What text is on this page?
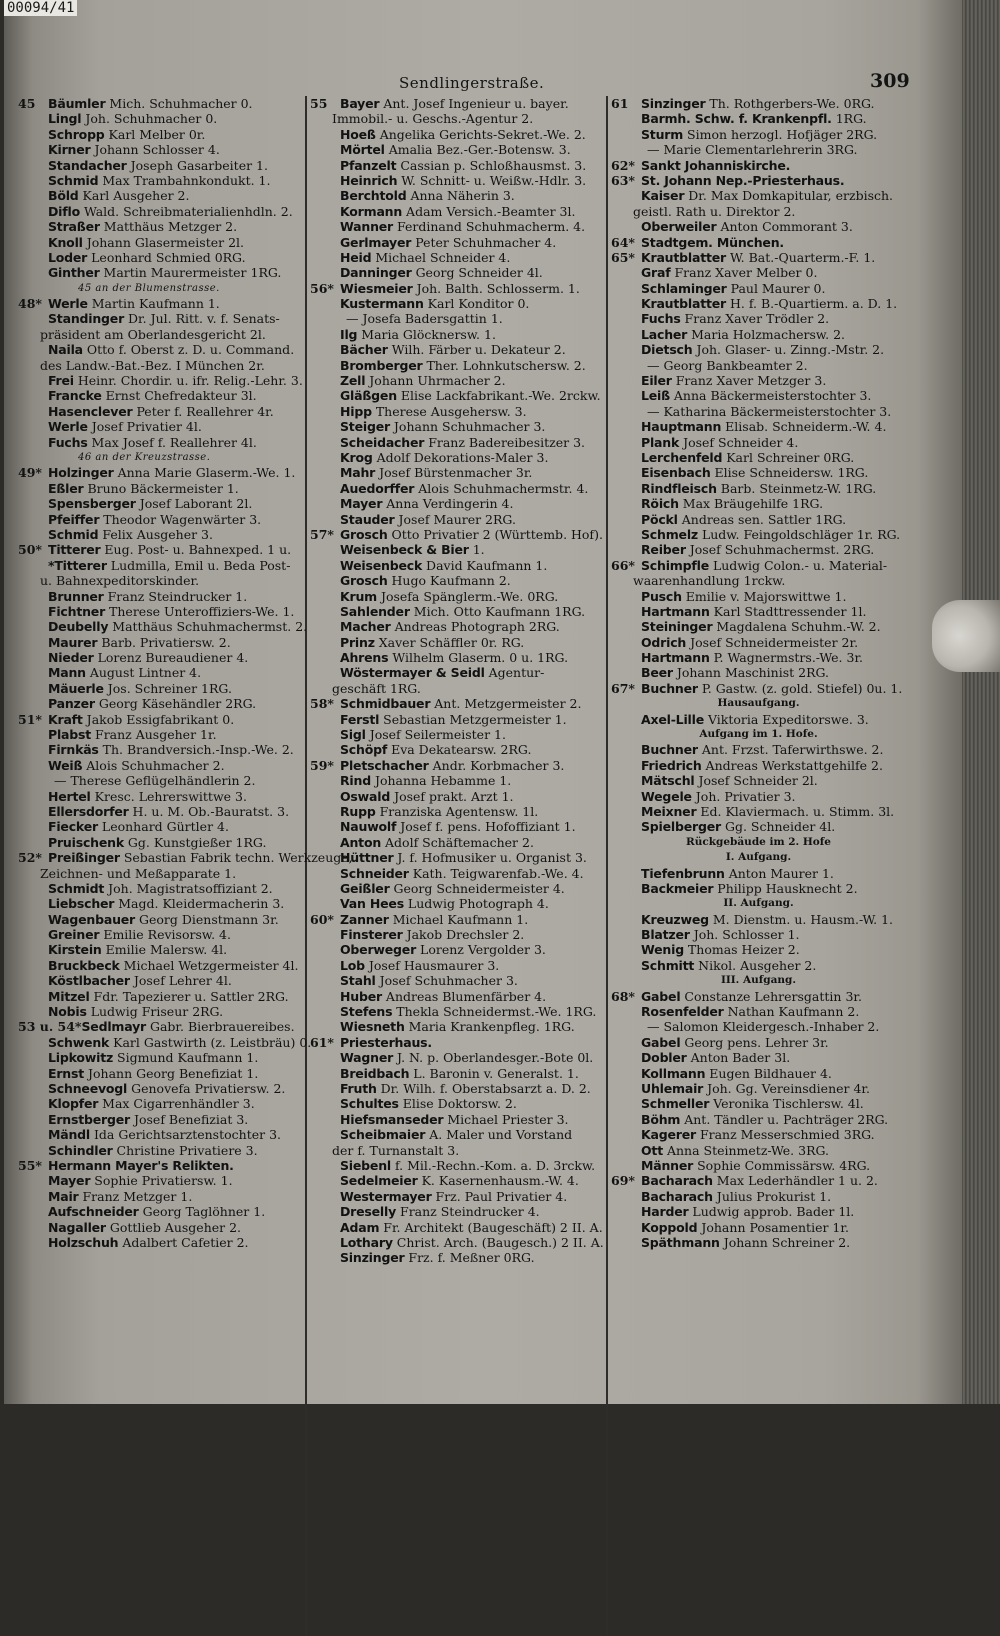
00094/41
Sendlingerstraße.	309
45 Bäumler Mich. Schuhmacher 0.
Lingl Joh. Schuhmacher 0.
Schropp Karl Melber 0r.
Kirner Johann Schlosser 4.
Standacher Joseph Gasarbeiter 1.
Schmid Max Trambahnkondukt. 1.
Böld Karl Ausgeher 2.
Diflo Wald. Schreibmaterialienhdln. 2.
Straßer Matthäus Metzger 2.
Knoll Johann Glasermeister 2l.
Loder Leonhard Schmied 0RG.
Ginther Martin Maurermeister 1RG.
45 an der Blumenstrasse.
48* Werle Martin Kaufmann 1.
Standinger Dr. Jul. Ritt. v. f. Senats-
präsident am Oberlandesgericht 2l.
Naila Otto f. Oberst z. D. u. Command.
des Landw.-Bat.-Bez. I München 2r.
Frei Heinr. Chordir. u. ifr. Relig.-Lehr. 3.
Francke Ernst Chefredakteur 3l.
Hasenclever Peter f. Reallehrer 4r.
Werle Josef Privatier 4l.
Fuchs Max Josef f. Reallehrer 4l.
46 an der Kreuzstrasse.
49* Holzinger Anna Marie Glaserm.-We. 1.
Eßler Bruno Bäckermeister 1.
Spensberger Josef Laborant 2l.
Pfeiffer Theodor Wagenwärter 3.
Schmid Felix Ausgeher 3.
50* Titterer Eug. Post- u. Bahnexped. 1 u.
*Titterer Ludmilla, Emil u. Beda Post-
u. Bahnexpeditorskinder.
Brunner Franz Steindrucker 1.
Fichtner Therese Unteroffiziers-We. 1.
Deubelly Matthäus Schuhmachermst. 2.
Maurer Barb. Privatiersw. 2.
Nieder Lorenz Bureaudiener 4.
Mann August Lintner 4.
Mäuerle Jos. Schreiner 1RG.
Panzer Georg Käsehändler 2RG.
51* Kraft Jakob Essigfabrikant 0.
Plabst Franz Ausgeher 1r.
Firnkäs Th. Brandversich.-Insp.-We. 2.
Weiß Alois Schuhmacher 2.
— Therese Geflügelhändlerin 2.
Hertel Kresc. Lehrerswittwe 3.
Ellersdorfer H. u. M. Ob.-Bauratst. 3.
Fiecker Leonhard Gürtler 4.
Pruischenk Gg. Kunstgießer 1RG.
52* Preißinger Sebastian Fabrik techn. Werkzeuge,
Zeichnen- und Meßapparate 1.
Schmidt Joh. Magistratsoffiziant 2.
Liebscher Magd. Kleidermacherin 3.
Wagenbauer Georg Dienstmann 3r.
Greiner Emilie Revisorsw. 4.
Kirstein Emilie Malersw. 4l.
Bruckbeck Michael Wetzgermeister 4l.
Köstlbacher Josef Lehrer 4l.
Mitzel Fdr. Tapezierer u. Sattler 2RG.
Nobis Ludwig Friseur 2RG.
53 u. 54*Sedlmayr Gabr. Bierbrauereibes.
Schwenk Karl Gastwirth (z. Leistbräu) 0.
Lipkowitz Sigmund Kaufmann 1.
Ernst Johann Georg Benefiziat 1.
Schneevogl Genovefa Privatiersw. 2.
Klopfer Max Cigarrenhändler 3.
Ernstberger Josef Benefiziat 3.
Mändl Ida Gerichtsarztenstochter 3.
Schindler Christine Privatiere 3.
55* Hermann Mayer's Relikten.
Mayer Sophie Privatiersw. 1.
Mair Franz Metzger 1.
Aufschneider Georg Taglöhner 1.
Nagaller Gottlieb Ausgeher 2.
Holzschuh Adalbert Cafetier 2.
55 Bayer Ant. Josef Ingenieur u. bayer.
Immobil.- u. Geschs.-Agentur 2.
Hoeß Angelika Gerichts-Sekret.-We. 2.
Mörtel Amalia Bez.-Ger.-Botensw. 3.
Pfanzelt Cassian p. Schloßhausmst. 3.
Heinrich W. Schnitt- u. Weißw.-Hdlr. 3.
Berchtold Anna Näherin 3.
Kormann Adam Versich.-Beamter 3l.
Wanner Ferdinand Schuhmacherm. 4.
Gerlmayer Peter Schuhmacher 4.
Heid Michael Schneider 4.
Danninger Georg Schneider 4l.
56* Wiesmeier Joh. Balth. Schlosserm. 1.
Kustermann Karl Konditor 0.
— Josefa Badersgattin 1.
Ilg Maria Glöcknersw. 1.
Bächer Wilh. Färber u. Dekateur 2.
Bromberger Ther. Lohnkutschersw. 2.
Zell Johann Uhrmacher 2.
Gläßgen Elise Lackfabrikant.-We. 2rckw.
Hipp Therese Ausgehersw. 3.
Steiger Johann Schuhmacher 3.
Scheidacher Franz Badereibesitzer 3.
Krog Adolf Dekorations-Maler 3.
Mahr Josef Bürstenmacher 3r.
Auedorffer Alois Schuhmachermstr. 4.
Mayer Anna Verdingerin 4.
Stauder Josef Maurer 2RG.
57* Grosch Otto Privatier 2 (Württemb. Hof).
Weisenbeck & Bier 1.
Weisenbeck David Kaufmann 1.
Grosch Hugo Kaufmann 2.
Krum Josefa Spänglerm.-We. 0RG.
Sahlender Mich. Otto Kaufmann 1RG.
Macher Andreas Photograph 2RG.
Prinz Xaver Schäffler 0r. RG.
Ahrens Wilhelm Glaserm. 0 u. 1RG.
Wöstermayer & Seidl Agentur-
geschäft 1RG.
58* Schmidbauer Ant. Metzgermeister 2.
Ferstl Sebastian Metzgermeister 1.
Sigl Josef Seilermeister 1.
Schöpf Eva Dekatearsw. 2RG.
59* Pletschacher Andr. Korbmacher 3.
Rind Johanna Hebamme 1.
Oswald Josef prakt. Arzt 1.
Rupp Franziska Agentensw. 1l.
Nauwolf Josef f. pens. Hofoffiziant 1.
Anton Adolf Schäftemacher 2.
Hüttner J. f. Hofmusiker u. Organist 3.
Schneider Kath. Teigwarenfab.-We. 4.
Geißler Georg Schneidermeister 4.
Van Hees Ludwig Photograph 4.
60* Zanner Michael Kaufmann 1.
Finsterer Jakob Drechsler 2.
Oberweger Lorenz Vergolder 3.
Lob Josef Hausmaurer 3.
Stahl Josef Schuhmacher 3.
Huber Andreas Blumenfärber 4.
Stefens Thekla Schneidermst.-We. 1RG.
Wiesneth Maria Krankenpfleg. 1RG.
61* Priesterhaus.
Wagner J. N. p. Oberlandesger.-Bote 0l.
Breidbach L. Baronin v. Generalst. 1.
Fruth Dr. Wilh. f. Oberstabsarzt a. D. 2.
Schultes Elise Doktorsw. 2.
Hiefsmanseder Michael Priester 3.
Scheibmaier A. Maler und Vorstand
der f. Turnanstalt 3.
Siebenl f. Mil.-Rechn.-Kom. a. D. 3rckw.
Sedelmeier K. Kasernenhausm.-W. 4.
Westermayer Frz. Paul Privatier 4.
Dreselly Franz Steindrucker 4.
Adam Fr. Architekt (Baugeschäft) 2 II. A.
Lothary Christ. Arch. (Baugesch.) 2 II. A.
Sinzinger Frz. f. Meßner 0RG.
61 Sinzinger Th. Rothgerbers-We. 0RG.
Barmh. Schw. f. Krankenpfl. 1RG.
Sturm Simon herzogl. Hofjäger 2RG.
— Marie Clementarlehrerin 3RG.
62* Sankt Johanniskirche.
63* St. Johann Nep.-Priesterhaus.
Kaiser Dr. Max Domkapitular, erzbisch.
geistl. Rath u. Direktor 2.
Oberweiler Anton Commorant 3.
64* Stadtgem. München.
65* Krautblatter W. Bat.-Quarterm.-F. 1.
Graf Franz Xaver Melber 0.
Schlaminger Paul Maurer 0.
Krautblatter H. f. B.-Quartierm. a. D. 1.
Fuchs Franz Xaver Trödler 2.
Lacher Maria Holzmachersw. 2.
Dietsch Joh. Glaser- u. Zinng.-Mstr. 2.
— Georg Bankbeamter 2.
Eiler Franz Xaver Metzger 3.
Leiß Anna Bäckermeisterstochter 3.
— Katharina Bäckermeisterstochter 3.
Hauptmann Elisab. Schneiderm.-W. 4.
Plank Josef Schneider 4.
Lerchenfeld Karl Schreiner 0RG.
Eisenbach Elise Schneidersw. 1RG.
Rindfleisch Barb. Steinmetz-W. 1RG.
Röich Max Bräugehilfe 1RG.
Pöckl Andreas sen. Sattler 1RG.
Schmelz Ludw. Feingoldschläger 1r. RG.
Reiber Josef Schuhmachermst. 2RG.
66* Schimpfle Ludwig Colon.- u. Material-
waarenhandlung 1rckw.
Pusch Emilie v. Majorswittwe 1.
Hartmann Karl Stadttressender 1l.
Steininger Magdalena Schuhm.-W. 2.
Odrich Josef Schneidermeister 2r.
Hartmann P. Wagnermstrs.-We. 3r.
Beer Johann Maschinist 2RG.
67* Buchner P. Gastw. (z. gold. Stiefel) 0u. 1.
Hausaufgang.
Axel-Lille Viktoria Expeditorswe. 3.
Aufgang im 1. Hofe.
Buchner Ant. Frzst. Taferwirthswe. 2.
Friedrich Andreas Werkstattgehilfe 2.
Mätschl Josef Schneider 2l.
Wegele Joh. Privatier 3.
Meixner Ed. Klaviermach. u. Stimm. 3l.
Spielberger Gg. Schneider 4l.
Rückgebäude im 2. Hofe
I. Aufgang.
Tiefenbrunn Anton Maurer 1.
Backmeier Philipp Hausknecht 2.
II. Aufgang.
Kreuzweg M. Dienstm. u. Hausm.-W. 1.
Blatzer Joh. Schlosser 1.
Wenig Thomas Heizer 2.
Schmitt Nikol. Ausgeher 2.
III. Aufgang.
68* Gabel Constanze Lehrersgattin 3r.
Rosenfelder Nathan Kaufmann 2.
— Salomon Kleidergesch.-Inhaber 2.
Gabel Georg pens. Lehrer 3r.
Dobler Anton Bader 3l.
Kollmann Eugen Bildhauer 4.
Uhlemair Joh. Gg. Vereinsdiener 4r.
Schmeller Veronika Tischlersw. 4l.
Böhm Ant. Tändler u. Pachträger 2RG.
Kagerer Franz Messerschmied 3RG.
Ott Anna Steinmetz-We. 3RG.
Männer Sophie Commissärsw. 4RG.
69* Bacharach Max Lederhändler 1 u. 2.
Bacharach Julius Prokurist 1.
Harder Ludwig approb. Bader 1l.
Koppold Johann Posamentier 1r.
Späthmann Johann Schreiner 2.
